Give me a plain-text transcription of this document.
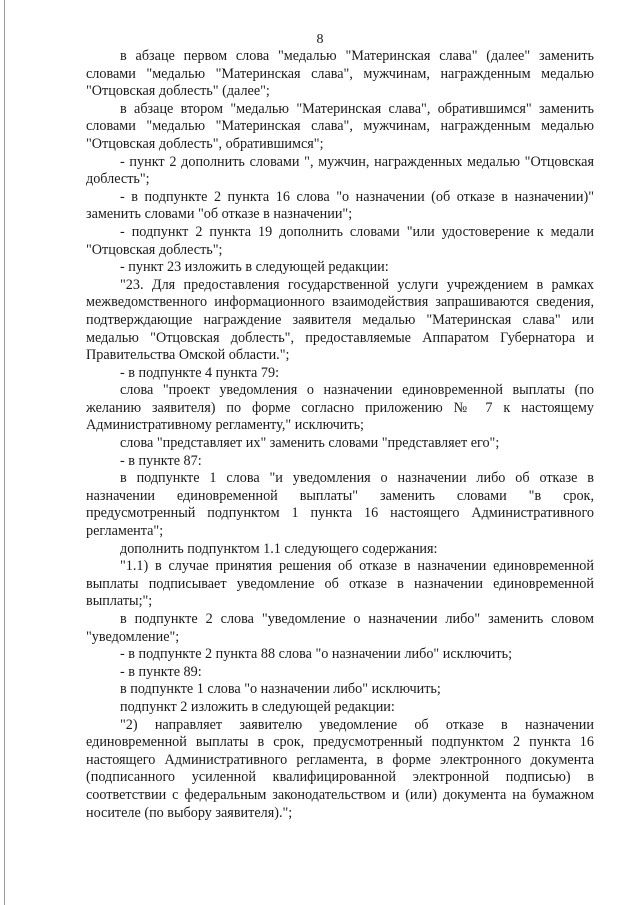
8

в абзаце первом слова "медалью "Материнская слава" (далее" заменить словами "медалью "Материнская слава", мужчинам, награжденным медалью "Отцовская доблесть" (далее";

в абзаце втором "медалью "Материнская слава", обратившимся" заменить словами "медалью "Материнская слава", мужчинам, награжденным медалью "Отцовская доблесть", обратившимся";

- пункт 2 дополнить словами ", мужчин, награжденных медалью "Отцовская доблесть";

- в подпункте 2 пункта 16 слова "о назначении (об отказе в назначении)" заменить словами "об отказе в назначении";

- подпункт 2 пункта 19 дополнить словами "или удостоверение к медали "Отцовская доблесть";

- пункт 23 изложить в следующей редакции:

"23. Для предоставления государственной услуги учреждением в рамках межведомственного информационного взаимодействия запрашиваются сведения, подтверждающие награждение заявителя медалью "Материнская слава" или медалью "Отцовская доблесть", предоставляемые Аппаратом Губернатора и Правительства Омской области.";

- в подпункте 4 пункта 79:

слова "проект уведомления о назначении единовременной выплаты (по желанию заявителя) по форме согласно приложению № 7 к настоящему Административному регламенту," исключить;

слова "представляет их" заменить словами "представляет его";

- в пункте 87:

в подпункте 1 слова "и уведомления о назначении либо об отказе в назначении единовременной выплаты" заменить словами "в срок, предусмотренный подпунктом 1 пункта 16 настоящего Административного регламента";

дополнить подпунктом 1.1 следующего содержания:

"1.1) в случае принятия решения об отказе в назначении единовременной выплаты подписывает уведомление об отказе в назначении единовременной выплаты;";

в подпункте 2 слова "уведомление о назначении либо" заменить словом "уведомление";

- в подпункте 2 пункта 88 слова "о назначении либо" исключить;

- в пункте 89:

в подпункте 1 слова "о назначении либо" исключить;

подпункт 2 изложить в следующей редакции:

"2) направляет заявителю уведомление об отказе в назначении единовременной выплаты в срок, предусмотренный подпунктом 2 пункта 16 настоящего Административного регламента, в форме электронного документа (подписанного усиленной квалифицированной электронной подписью) в соответствии с федеральным законодательством и (или) документа на бумажном носителе (по выбору заявителя).";
